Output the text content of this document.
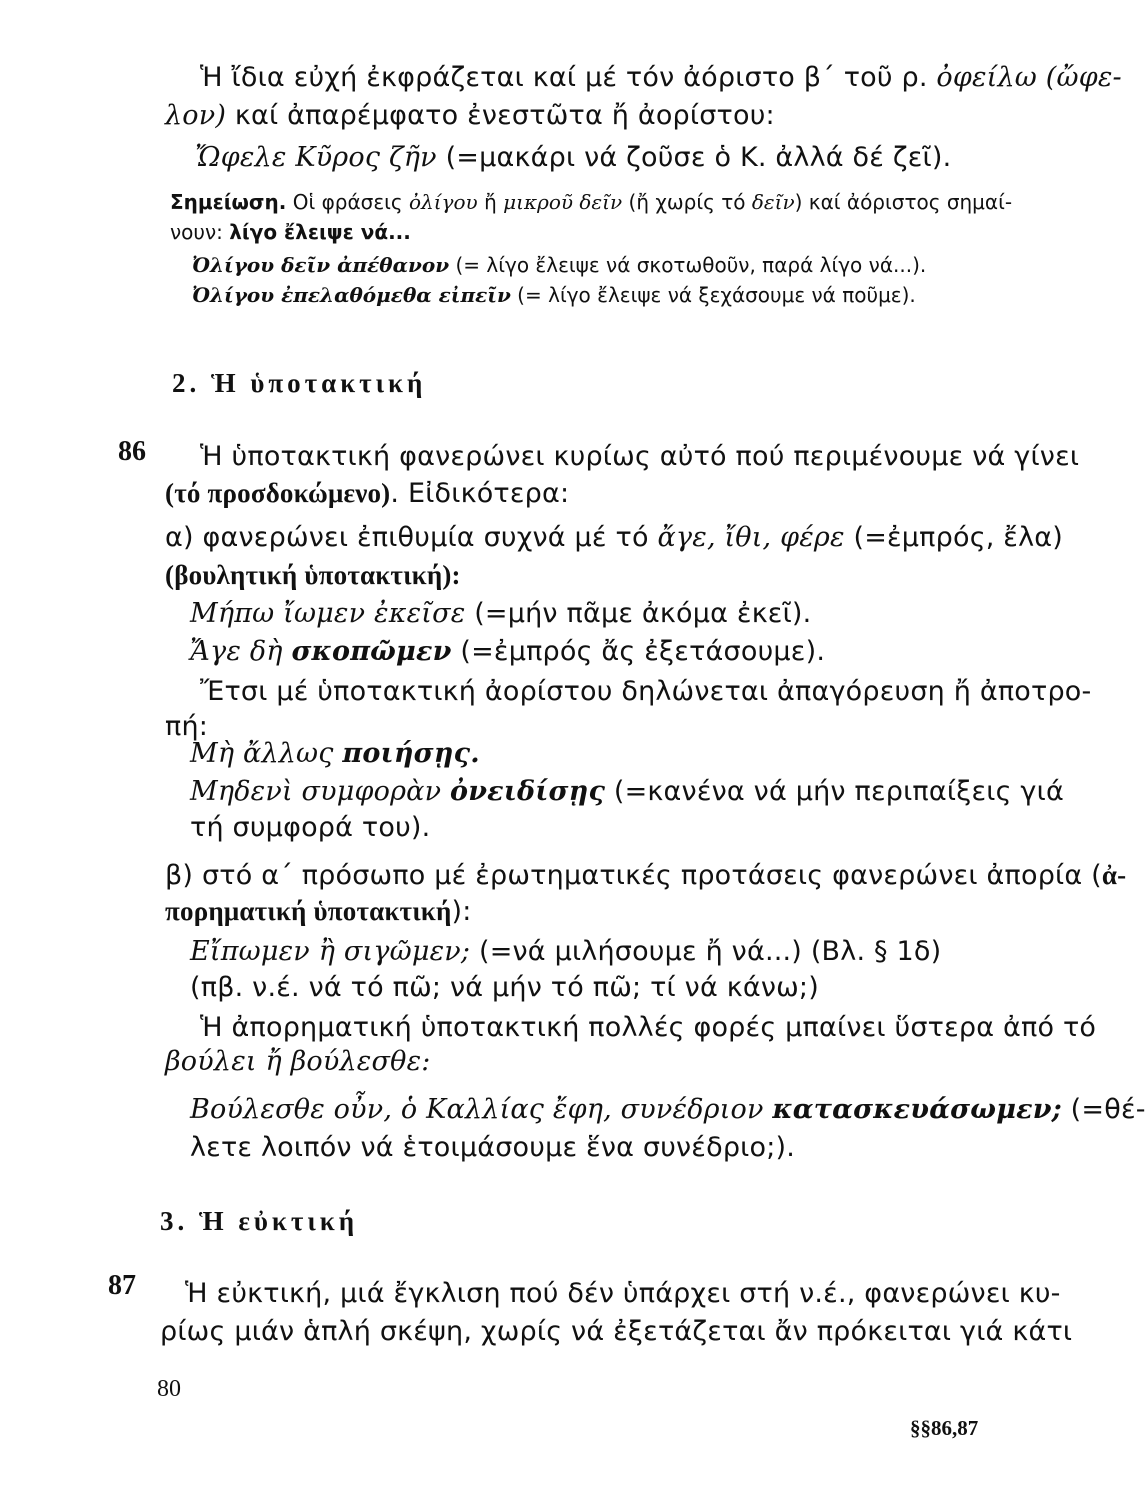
Ἡ ἴδια εὐχή ἐκφράζεται καί μέ τόν ἀόριστο β΄ τοῦ ρ. ὀφείλω (ὤφε-
λον) καί ἀπαρέμφατο ἐνεστῶτα ἤ ἀορίστου:
Ὤφελε Κῦρος ζῆν (=μακάρι νά ζοῦσε ὁ Κ. ἀλλά δέ ζεῖ).
Σημείωση. Οἱ φράσεις ὀλίγου ἤ μικροῦ δεῖν (ἤ χωρίς τό δεῖν) καί ἀόριστος σημαί-
νουν: λίγο ἔλειψε νά...
Ὀλίγου δεῖν ἀπέθανον (= λίγο ἔλειψε νά σκοτωθοῦν, παρά λίγο νά...).
Ὀλίγου ἐπελαθόμεθα εἰπεῖν (= λίγο ἔλειψε νά ξεχάσουμε νά ποῦμε).
2. Ἡ ὑποτακτική
86 Ἡ ὑποτακτική φανερώνει κυρίως αὐτό πού περιμένουμε νά γίνει
(τό προσδοκώμενο). Εἰδικότερα:
α) φανερώνει ἐπιθυμία συχνά μέ τό ἄγε, ἴθι, φέρε (=ἐμπρός, ἔλα)
(βουλητική ὑποτακτική):
Μήπω ἴωμεν ἐκεῖσε (=μήν πᾶμε ἀκόμα ἐκεῖ).
Ἄγε δὴ σκοπῶμεν (=ἐμπρός ἄς ἐξετάσουμε).
Ἔτσι μέ ὑποτακτική ἀορίστου δηλώνεται ἀπαγόρευση ἤ ἀποτρο-
πή:
Μὴ ἄλλως ποιήσῃς.
Μηδενὶ συμφορὰν ὀνειδίσῃς (=κανένα νά μήν περιπαίξεις γιά
τή συμφορά του).
β) στό α΄ πρόσωπο μέ ἐρωτηματικές προτάσεις φανερώνει ἀπορία (ἀ-
πορηματική ὑποτακτική):
Εἴπωμεν ἢ σιγῶμεν; (=νά μιλήσουμε ἤ νά...) (Βλ. § 1δ)
(πβ. ν.έ. νά τό πῶ; νά μήν τό πῶ; τί νά κάνω;)
Ἡ ἀπορηματική ὑποτακτική πολλές φορές μπαίνει ὕστερα ἀπό τό
βούλει ἤ βούλεσθε:
Βούλεσθε οὖν, ὁ Καλλίας ἔφη, συνέδριον κατασκευάσωμεν; (=θέ-
λετε λοιπόν νά ἑτοιμάσουμε ἕνα συνέδριο;).
3. Ἡ εὐκτική
87 Ἡ εὐκτική, μιά ἔγκλιση πού δέν ὑπάρχει στή ν.έ., φανερώνει κυ-
ρίως μιάν ἁπλή σκέψη, χωρίς νά ἐξετάζεται ἄν πρόκειται γιά κάτι
80
§§86,87
